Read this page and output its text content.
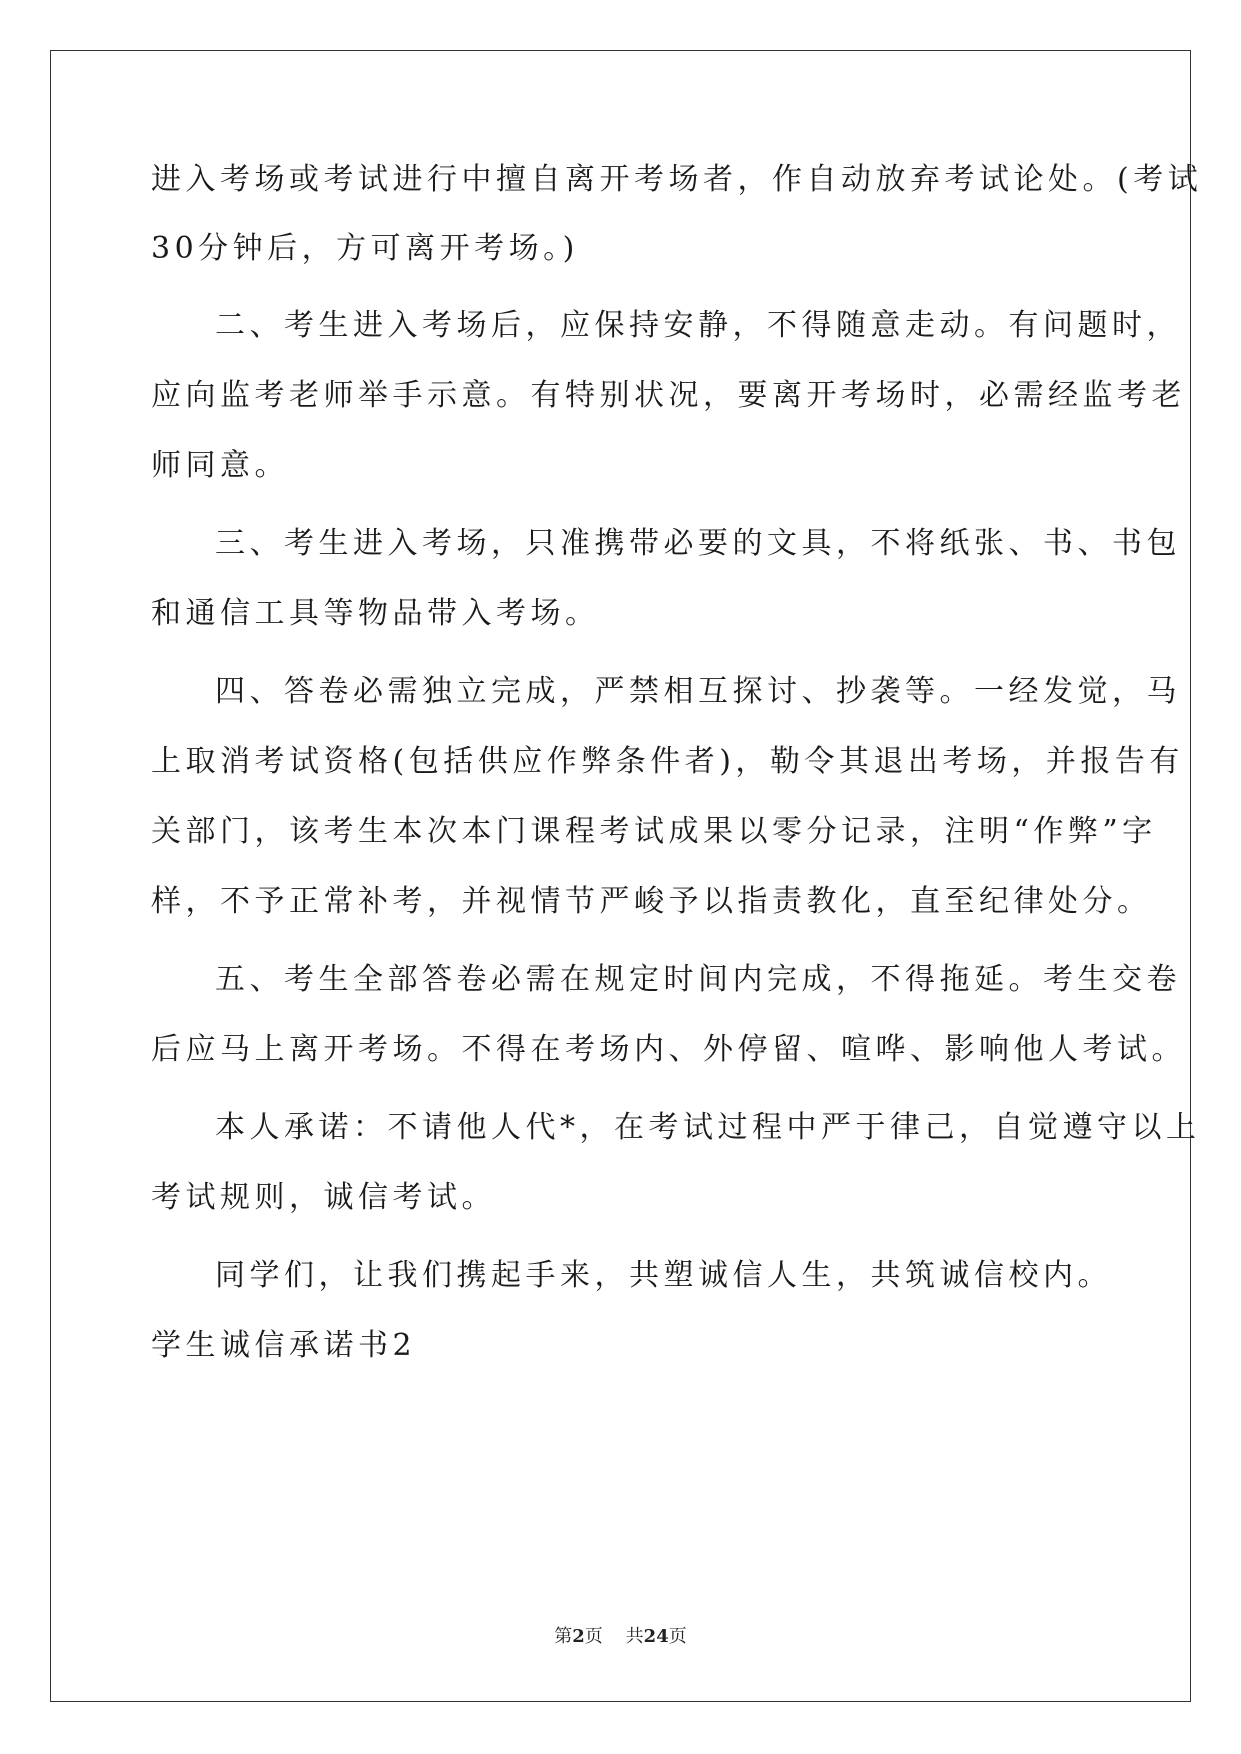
进入考场或考试进行中擅自离开考场者，作自动放弃考试论处。(考试
30分钟后，方可离开考场。)
二、考生进入考场后，应保持安静，不得随意走动。有问题时，
应向监考老师举手示意。有特别状况，要离开考场时，必需经监考老
师同意。
三、考生进入考场，只准携带必要的文具，不将纸张、书、书包
和通信工具等物品带入考场。
四、答卷必需独立完成，严禁相互探讨、抄袭等。一经发觉，马
上取消考试资格(包括供应作弊条件者)，勒令其退出考场，并报告有
关部门，该考生本次本门课程考试成果以零分记录，注明“作弊”字
样，不予正常补考，并视情节严峻予以指责教化，直至纪律处分。
五、考生全部答卷必需在规定时间内完成，不得拖延。考生交卷
后应马上离开考场。不得在考场内、外停留、喧哗、影响他人考试。
本人承诺：不请他人代*，在考试过程中严于律己，自觉遵守以上
考试规则，诚信考试。
同学们，让我们携起手来，共塑诚信人生，共筑诚信校内。
学生诚信承诺书2
第2页 共24页
